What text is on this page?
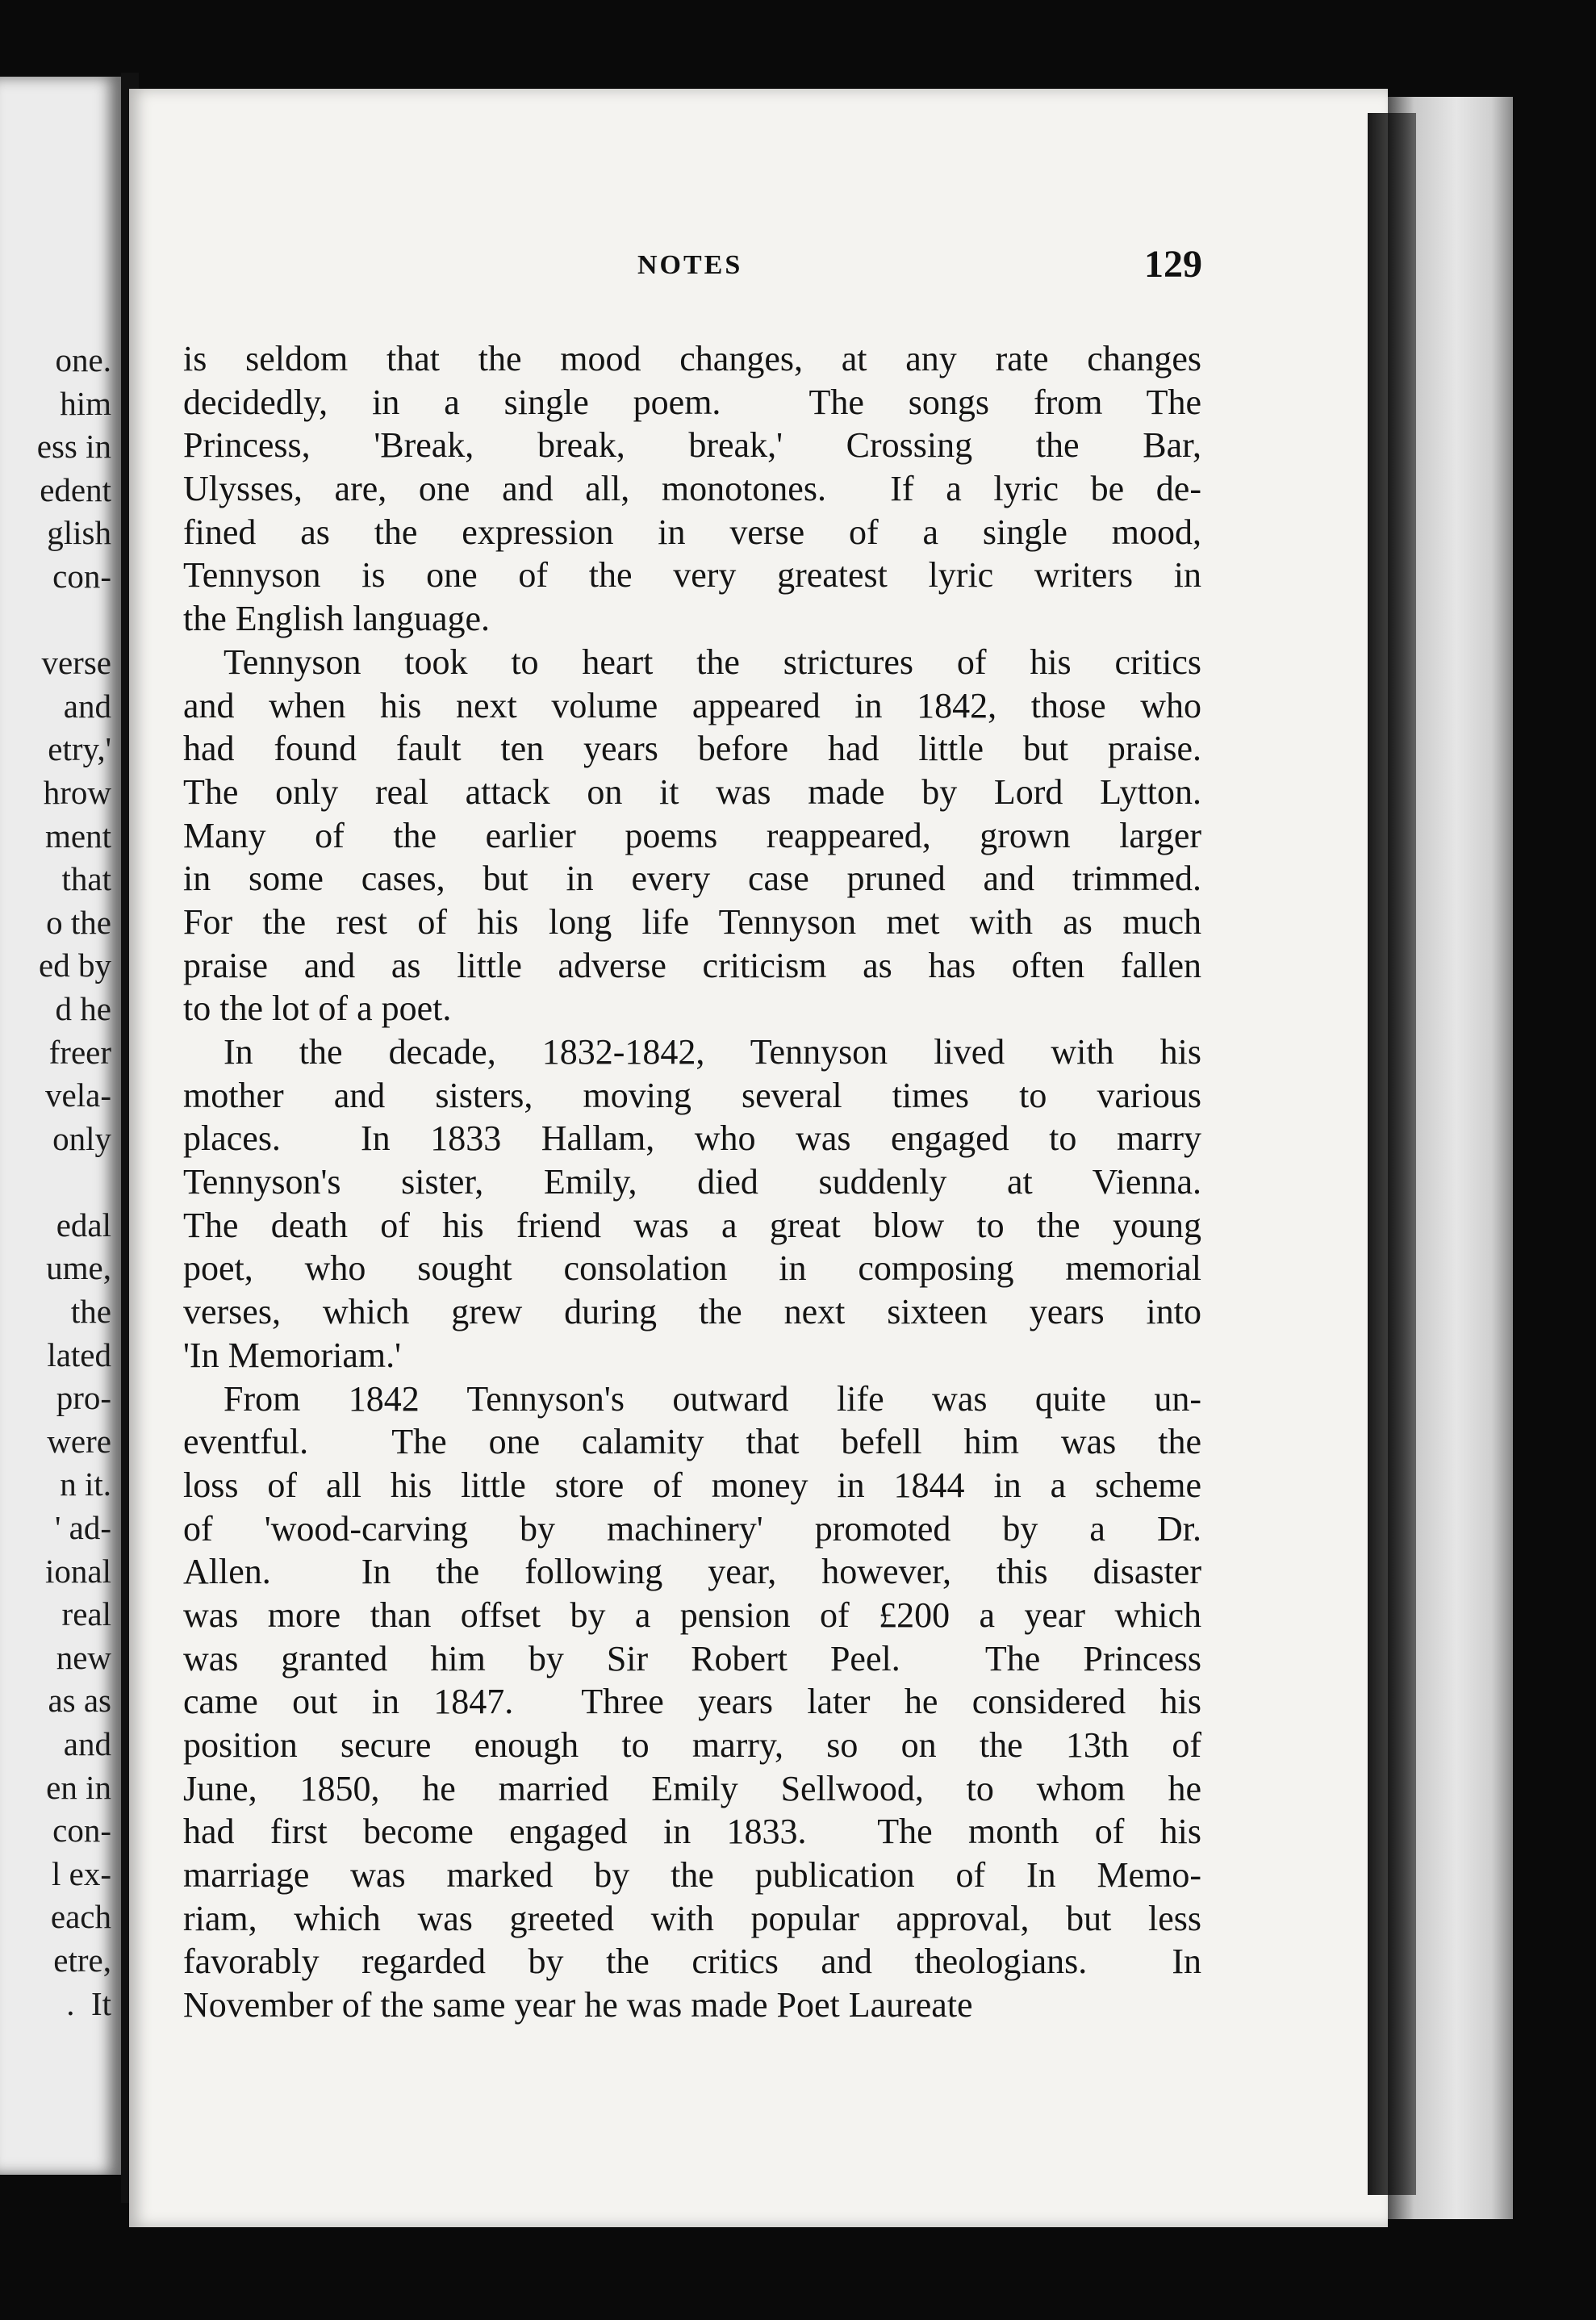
one.
him
ess in
edent
glish
con-
verse
and
etry,'
hrow
ment
that
o the
ed by
d he
freer
vela-
only
edal
ume,
the
lated
pro-
were
n it.
' ad-
ional
real
new
as as
and
en in
con-
l ex-
each
etre,
.  It
NOTES	129
is seldom that the mood changes, at any rate changes
decidedly, in a single poem.  The songs from The
Princess, 'Break, break, break,' Crossing the Bar,
Ulysses, are, one and all, monotones.  If a lyric be de-
fined as the expression in verse of a single mood,
Tennyson is one of the very greatest lyric writers in
the English language.
Tennyson took to heart the strictures of his critics
and when his next volume appeared in 1842, those who
had found fault ten years before had little but praise.
The only real attack on it was made by Lord Lytton.
Many of the earlier poems reappeared, grown larger
in some cases, but in every case pruned and trimmed.
For the rest of his long life Tennyson met with as much
praise and as little adverse criticism as has often fallen
to the lot of a poet.
In the decade, 1832-1842, Tennyson lived with his
mother and sisters, moving several times to various
places.  In 1833 Hallam, who was engaged to marry
Tennyson's sister, Emily, died suddenly at Vienna.
The death of his friend was a great blow to the young
poet, who sought consolation in composing memorial
verses, which grew during the next sixteen years into
'In Memoriam.'
From 1842 Tennyson's outward life was quite un-
eventful.  The one calamity that befell him was the
loss of all his little store of money in 1844 in a scheme
of 'wood-carving by machinery' promoted by a Dr.
Allen.  In the following year, however, this disaster
was more than offset by a pension of £200 a year which
was granted him by Sir Robert Peel.  The Princess
came out in 1847.  Three years later he considered his
position secure enough to marry, so on the 13th of
June, 1850, he married Emily Sellwood, to whom he
had first become engaged in 1833.  The month of his
marriage was marked by the publication of In Memo-
riam, which was greeted with popular approval, but less
favorably regarded by the critics and theologians.  In
November of the same year he was made Poet Laureate
